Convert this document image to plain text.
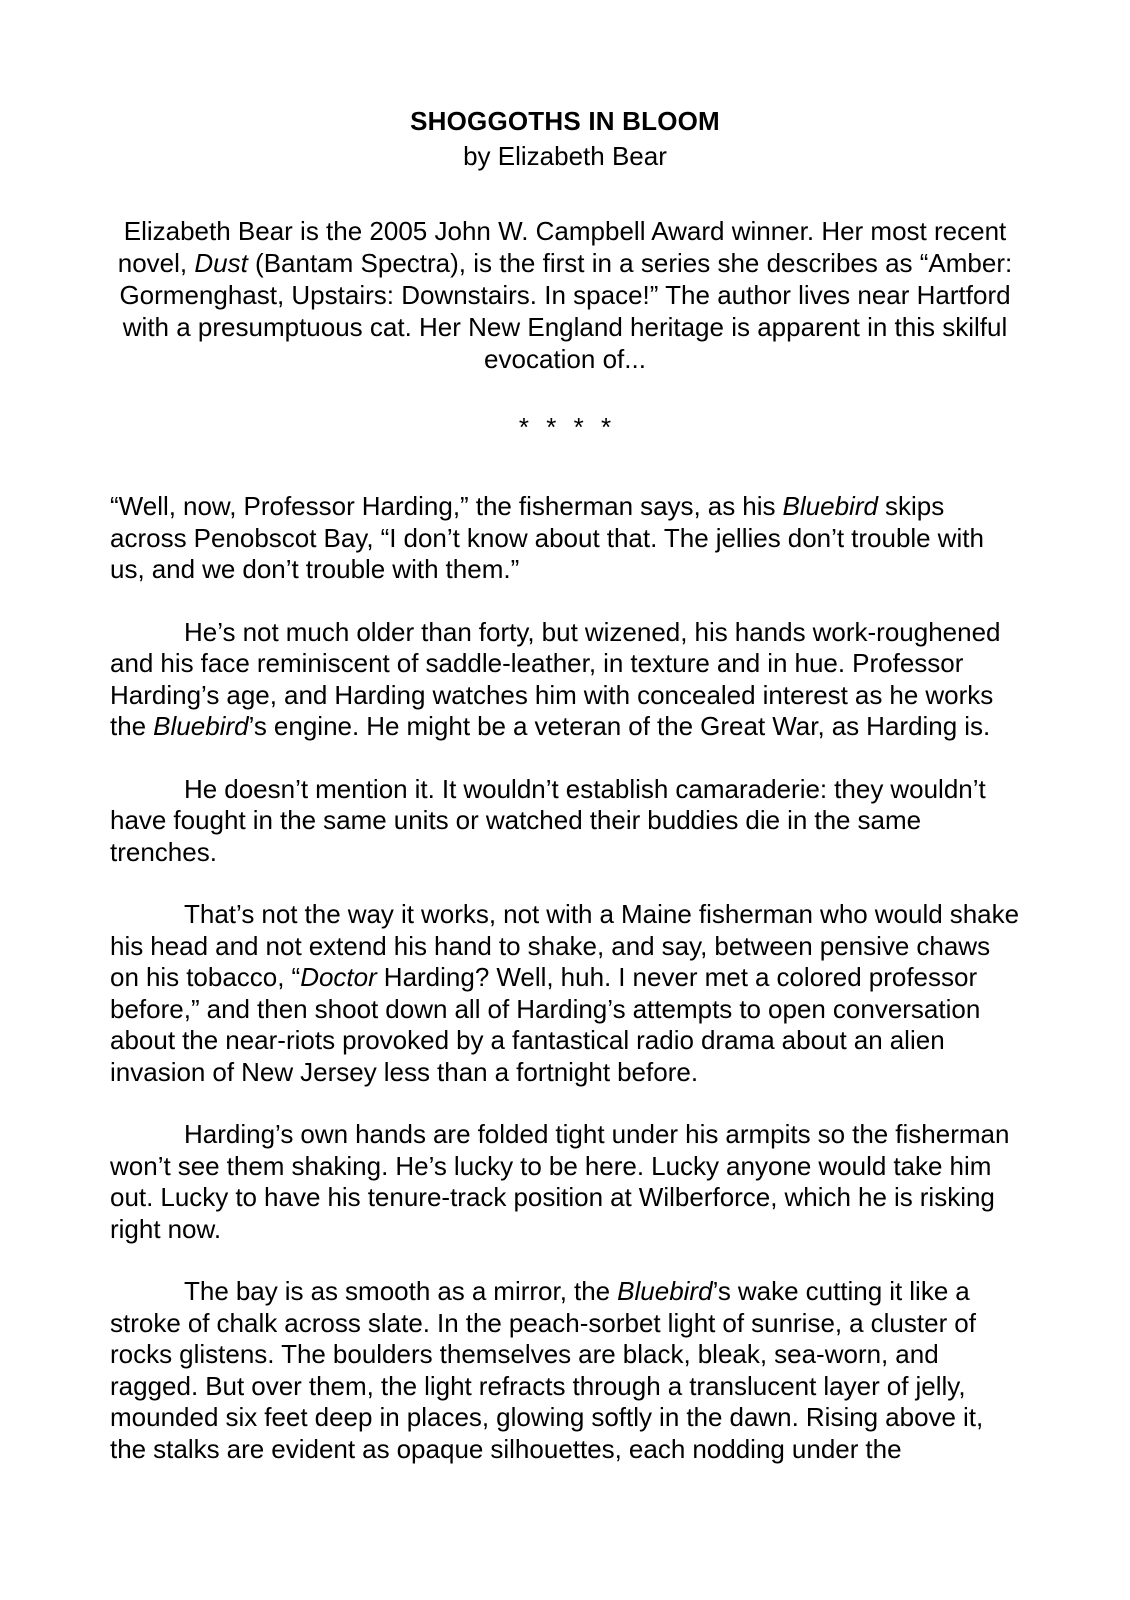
SHOGGOTHS IN BLOOM
by Elizabeth Bear

Elizabeth Bear is the 2005 John W. Campbell Award winner. Her most recent novel, Dust (Bantam Spectra), is the first in a series she describes as “Amber: Gormenghast, Upstairs: Downstairs. In space!” The author lives near Hartford with a presumptuous cat. Her New England heritage is apparent in this skilful evocation of...

* * * *

“Well, now, Professor Harding,” the fisherman says, as his Bluebird skips across Penobscot Bay, “I don’t know about that. The jellies don’t trouble with us, and we don’t trouble with them.”

He’s not much older than forty, but wizened, his hands work-roughened and his face reminiscent of saddle-leather, in texture and in hue. Professor Harding’s age, and Harding watches him with concealed interest as he works the Bluebird’s engine. He might be a veteran of the Great War, as Harding is.

He doesn’t mention it. It wouldn’t establish camaraderie: they wouldn’t have fought in the same units or watched their buddies die in the same trenches.

That’s not the way it works, not with a Maine fisherman who would shake his head and not extend his hand to shake, and say, between pensive chaws on his tobacco, “Doctor Harding? Well, huh. I never met a colored professor before,” and then shoot down all of Harding’s attempts to open conversation about the near-riots provoked by a fantastical radio drama about an alien invasion of New Jersey less than a fortnight before.

Harding’s own hands are folded tight under his armpits so the fisherman won’t see them shaking. He’s lucky to be here. Lucky anyone would take him out. Lucky to have his tenure-track position at Wilberforce, which he is risking right now.

The bay is as smooth as a mirror, the Bluebird’s wake cutting it like a stroke of chalk across slate. In the peach-sorbet light of sunrise, a cluster of rocks glistens. The boulders themselves are black, bleak, sea-worn, and ragged. But over them, the light refracts through a translucent layer of jelly, mounded six feet deep in places, glowing softly in the dawn. Rising above it, the stalks are evident as opaque silhouettes, each nodding under the
